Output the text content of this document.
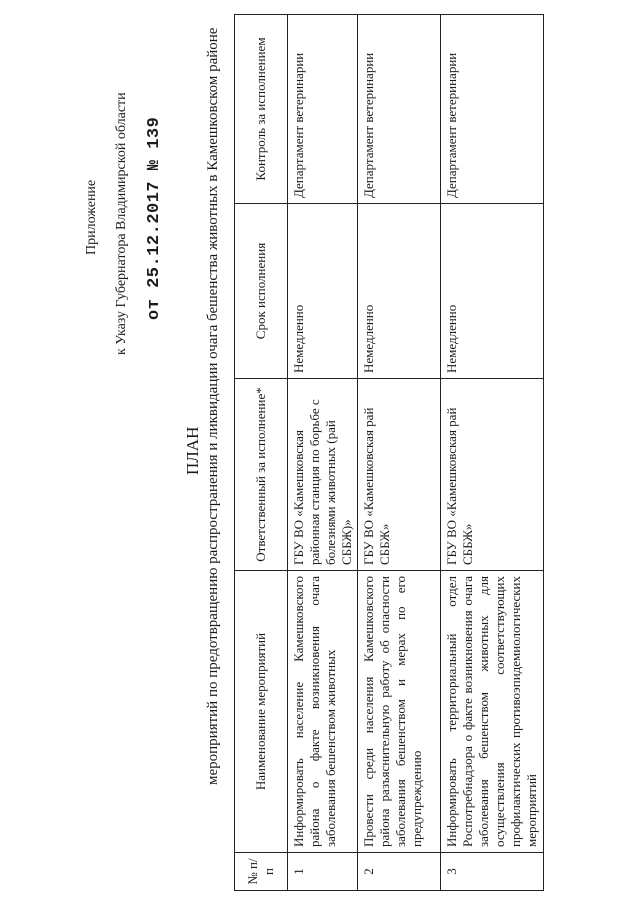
Приложение к Указу Губернатора Владимирской области от 25.12.2017 № 139
ПЛАН мероприятий по предотвращению распространения и ликвидации очага бешенства животных в Камешковском районе
№ п/п	Наименование мероприятий	Ответственный за исполнение*	Срок исполнения	Контроль за исполнением
1	Информировать население Камешковского района о факте возникновения очага заболевания бешенством животных	ГБУ ВО «Камешковская районная станция по борьбе с болезнями животных (рай СББЖ)»	Немедленно	Департамент ветеринарии
2	Провести среди населения Камешковского района разъяснительную работу об опасности заболевания бешенством и мерах по его предупреждению	ГБУ ВО «Камешковская рай СББЖ»	Немедленно	Департамент ветеринарии
3	Информировать территориальный отдел Роспотребнадзора о факте возникновения очага заболевания бешенством животных для осуществления соответствующих профилактических противоэпидемиологических мероприятий	ГБУ ВО «Камешковская рай СББЖ»	Немедленно	Департамент ветеринарии
